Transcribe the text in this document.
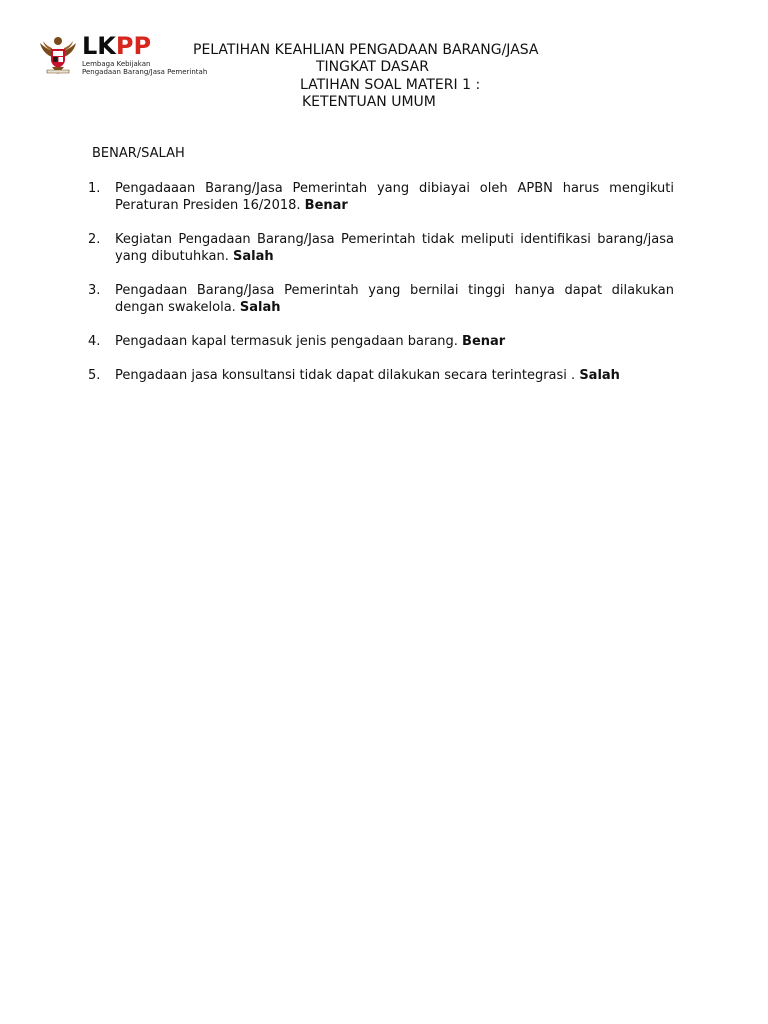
LKPP
Lembaga Kebijakan
Pengadaan Barang/Jasa Pemerintah
PELATIHAN KEAHLIAN PENGADAAN BARANG/JASA
TINGKAT DASAR
LATIHAN SOAL MATERI 1 :
KETENTUAN UMUM
BENAR/SALAH
1. Pengadaaan Barang/Jasa Pemerintah yang dibiayai oleh APBN harus mengikuti Peraturan Presiden 16/2018. Benar
2. Kegiatan Pengadaan Barang/Jasa Pemerintah tidak meliputi identifikasi barang/jasa yang dibutuhkan. Salah
3. Pengadaan Barang/Jasa Pemerintah yang bernilai tinggi hanya dapat dilakukan dengan swakelola. Salah
4. Pengadaan kapal termasuk jenis pengadaan barang. Benar
5. Pengadaan jasa konsultansi tidak dapat dilakukan secara terintegrasi . Salah
